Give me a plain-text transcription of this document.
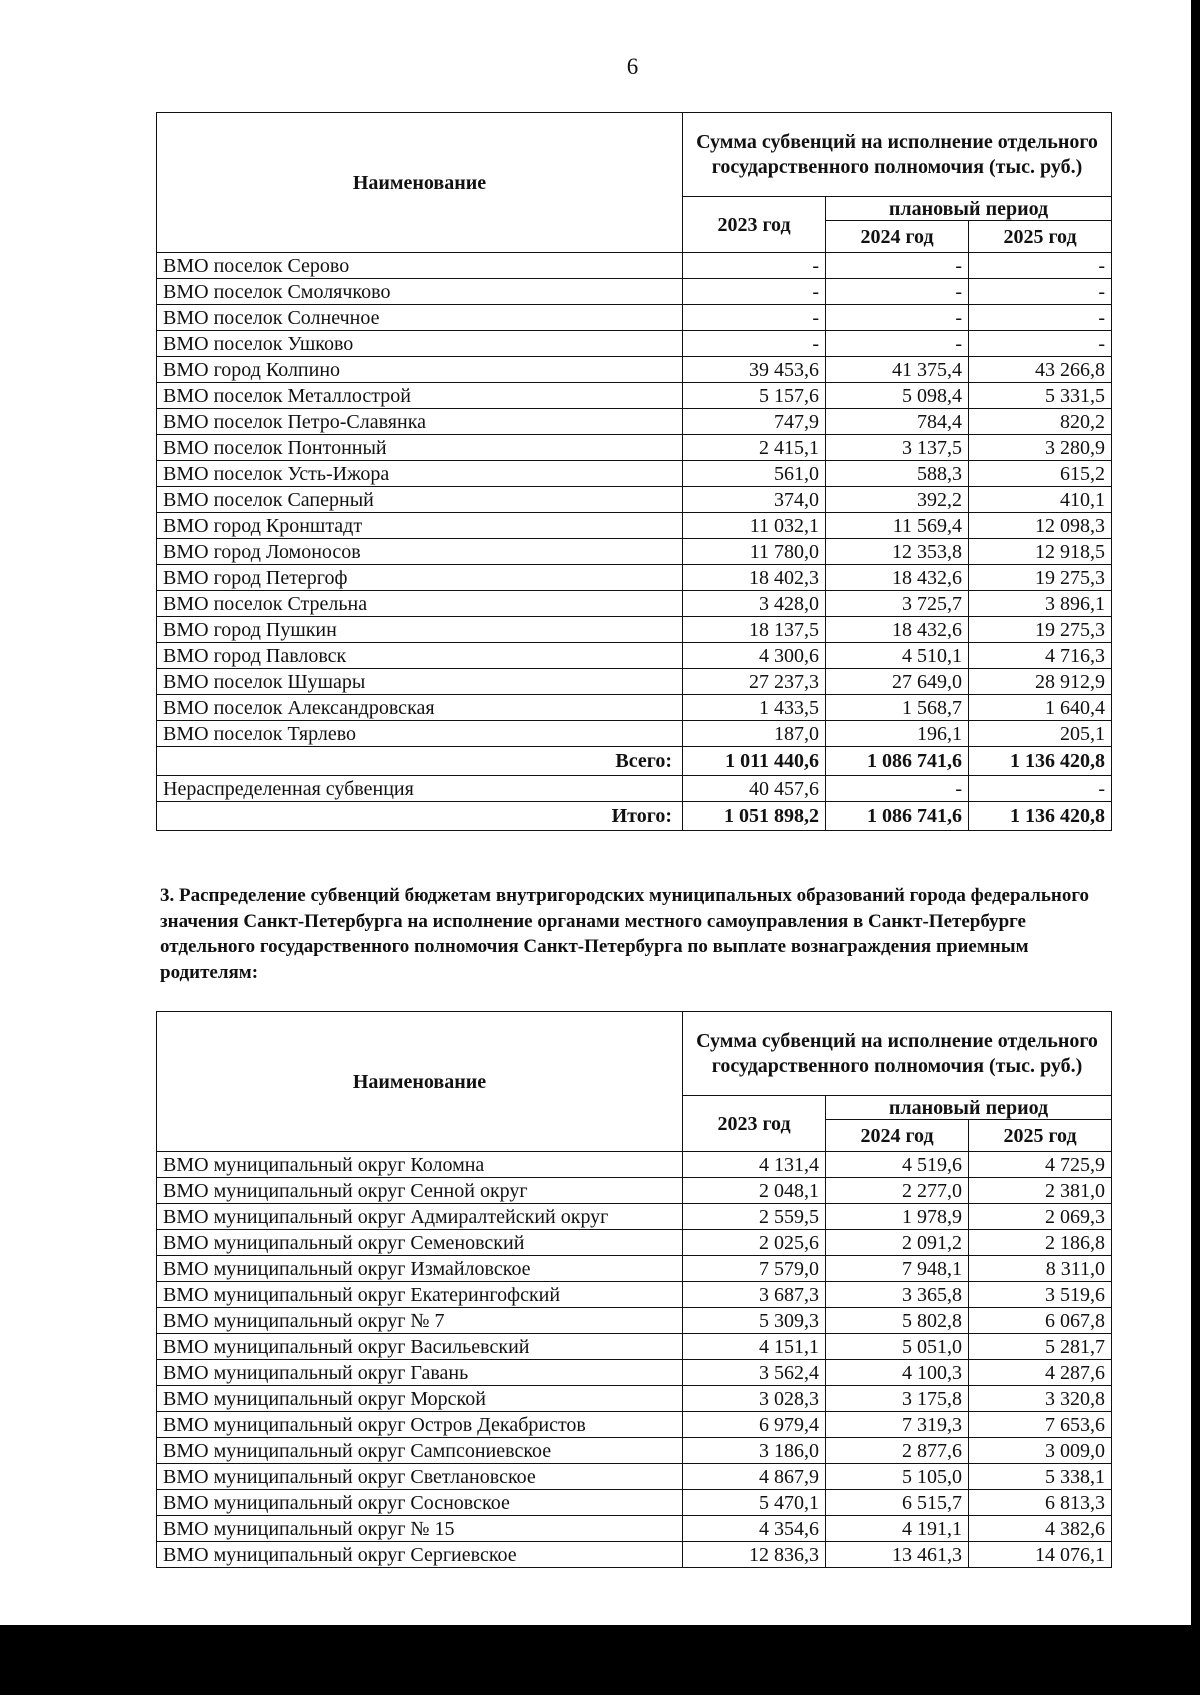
6
Наименование	Сумма субвенций на исполнение отдельного государственного полномочия (тыс. руб.)		
	2023 год	плановый период	
		2024 год	2025 год
ВМО поселок Серово	-	-	-
ВМО поселок Смолячково	-	-	-
ВМО поселок Солнечное	-	-	-
ВМО поселок Ушково	-	-	-
ВМО город Колпино	39 453,6	41 375,4	43 266,8
ВМО поселок Металлострой	5 157,6	5 098,4	5 331,5
ВМО поселок Петро-Славянка	747,9	784,4	820,2
ВМО поселок Понтонный	2 415,1	3 137,5	3 280,9
ВМО поселок Усть-Ижора	561,0	588,3	615,2
ВМО поселок Саперный	374,0	392,2	410,1
ВМО город Кронштадт	11 032,1	11 569,4	12 098,3
ВМО город Ломоносов	11 780,0	12 353,8	12 918,5
ВМО город Петергоф	18 402,3	18 432,6	19 275,3
ВМО поселок Стрельна	3 428,0	3 725,7	3 896,1
ВМО город Пушкин	18 137,5	18 432,6	19 275,3
ВМО город Павловск	4 300,6	4 510,1	4 716,3
ВМО поселок Шушары	27 237,3	27 649,0	28 912,9
ВМО поселок Александровская	1 433,5	1 568,7	1 640,4
ВМО поселок Тярлево	187,0	196,1	205,1
Всего:	1 011 440,6	1 086 741,6	1 136 420,8
Нераспределенная субвенция	40 457,6	-	-
Итого:	1 051 898,2	1 086 741,6	1 136 420,8
3. Распределение субвенций бюджетам внутригородских муниципальных образований города федерального значения Санкт-Петербурга на исполнение органами местного самоуправления в Санкт-Петербурге отдельного государственного полномочия Санкт-Петербурга по выплате вознаграждения приемным родителям:
Наименование	Сумма субвенций на исполнение отдельного государственного полномочия (тыс. руб.)		
	2023 год	плановый период	
		2024 год	2025 год
ВМО муниципальный округ Коломна	4 131,4	4 519,6	4 725,9
ВМО муниципальный округ Сенной округ	2 048,1	2 277,0	2 381,0
ВМО муниципальный округ Адмиралтейский округ	2 559,5	1 978,9	2 069,3
ВМО муниципальный округ Семеновский	2 025,6	2 091,2	2 186,8
ВМО муниципальный округ Измайловское	7 579,0	7 948,1	8 311,0
ВМО муниципальный округ Екатерингофский	3 687,3	3 365,8	3 519,6
ВМО муниципальный округ № 7	5 309,3	5 802,8	6 067,8
ВМО муниципальный округ Васильевский	4 151,1	5 051,0	5 281,7
ВМО муниципальный округ Гавань	3 562,4	4 100,3	4 287,6
ВМО муниципальный округ Морской	3 028,3	3 175,8	3 320,8
ВМО муниципальный округ Остров Декабристов	6 979,4	7 319,3	7 653,6
ВМО муниципальный округ Сампсониевское	3 186,0	2 877,6	3 009,0
ВМО муниципальный округ Светлановское	4 867,9	5 105,0	5 338,1
ВМО муниципальный округ Сосновское	5 470,1	6 515,7	6 813,3
ВМО муниципальный округ № 15	4 354,6	4 191,1	4 382,6
ВМО муниципальный округ Сергиевское	12 836,3	13 461,3	14 076,1
